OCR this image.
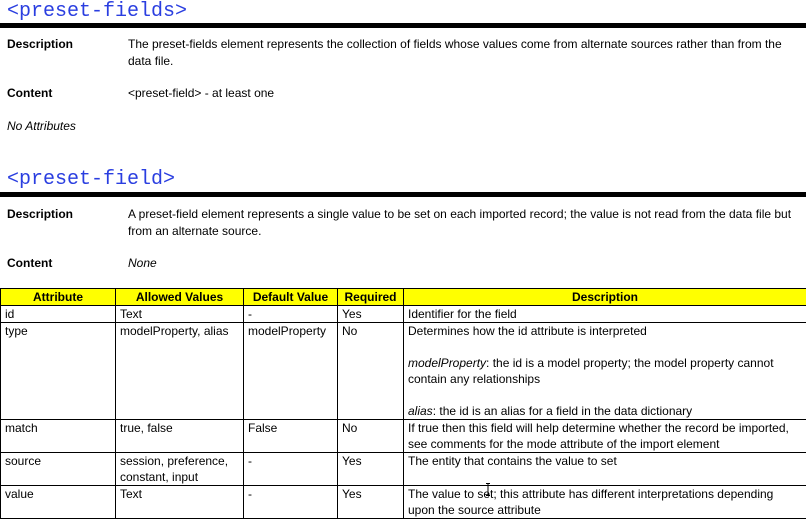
<preset-fields>
Description	The preset-fields element represents the collection of fields whose values come from alternate sources rather than from the data file.
Content	<preset-field> - at least one
No Attributes
<preset-field>
Description	A preset-field element represents a single value to be set on each imported record; the value is not read from the data file but from an alternate source.
Content	None
Attribute	Allowed Values	Default Value	Required	Description
id	Text	-	Yes	Identifier for the field
type	modelProperty, alias	modelProperty	No	Determines how the id attribute is interpreted
modelProperty: the id is a model property; the model property cannot contain any relationships
alias: the id is an alias for a field in the data dictionary

match	true, false	False	No	If true then this field will help determine whether the record be imported, see comments for the mode attribute of the import element
source	session, preference, constant, input	-	Yes	The entity that contains the value to set
value	Text	-	Yes	The value to set; this attribute has different interpretations depending upon the source attribute
